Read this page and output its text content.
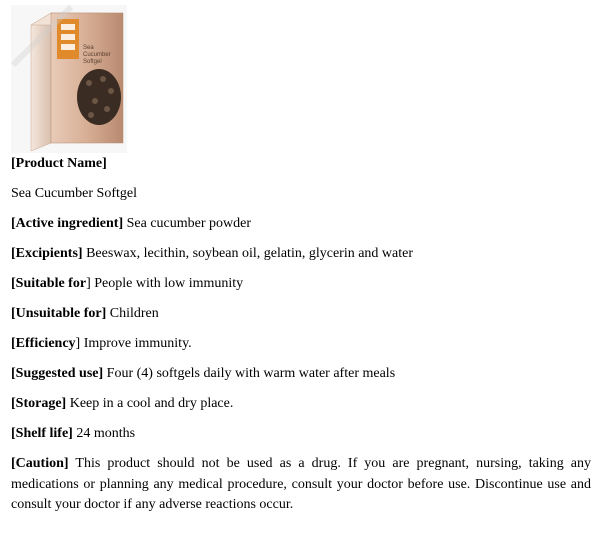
Sea
Cucumber
Softgel

[Product Name]

Sea Cucumber Softgel

[Active ingredient] Sea cucumber powder

[Excipients] Beeswax, lecithin, soybean oil, gelatin, glycerin and water

[Suitable for] People with low immunity

[Unsuitable for] Children

[Efficiency] Improve immunity.

[Suggested use] Four (4) softgels daily with warm water after meals

[Storage] Keep in a cool and dry place.

[Shelf life] 24 months

[Caution] This product should not be used as a drug. If you are pregnant, nursing, taking any medications or planning any medical procedure, consult your doctor before use. Discontinue use and consult your doctor if any adverse reactions occur.
